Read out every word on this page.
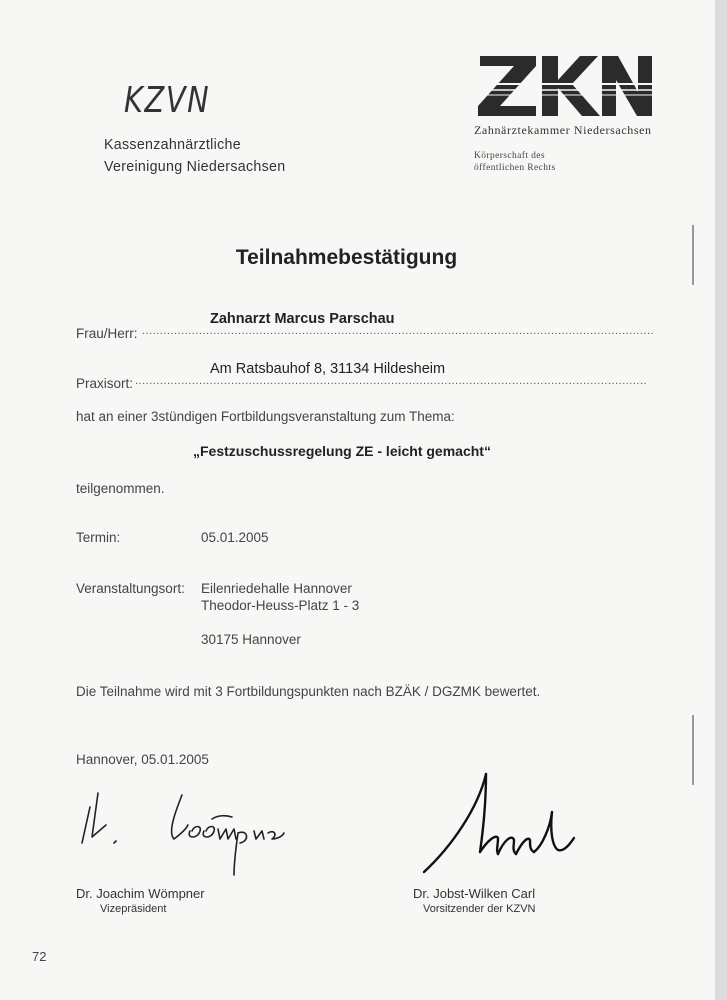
KZVN
Kassenzahnärztliche
Vereinigung Niedersachsen
ZKN
Zahnärztekammer Niedersachsen
Körperschaft des
öffentlichen Rechts
Teilnahmebestätigung
Zahnarzt Marcus Parschau
Frau/Herr: ................................................................................................................................................
Am Ratsbauhof 8, 31134 Hildesheim
Praxisort: ................................................................................................................................................
hat an einer 3stündigen Fortbildungsveranstaltung zum Thema:
„Festzuschussregelung ZE - leicht gemacht“
teilgenommen.
Termin:	05.01.2005
Veranstaltungsort: Eilenriedehalle Hannover
Theodor-Heuss-Platz 1 - 3
30175 Hannover
Die Teilnahme wird mit 3 Fortbildungspunkten nach BZÄK / DGZMK bewertet.
Hannover, 05.01.2005
Dr. Joachim Wömpner
Vizepräsident
Dr. Jobst-Wilken Carl
Vorsitzender der KZVN
72
